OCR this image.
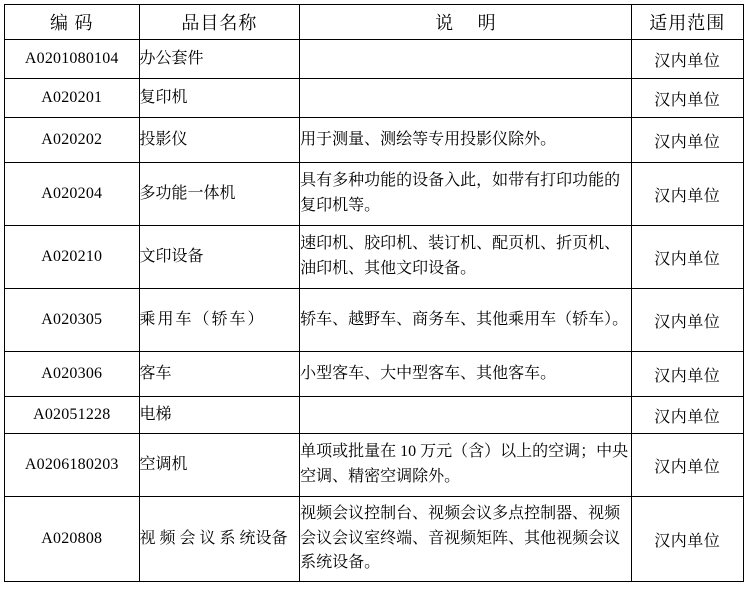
编 码	品目名称	说 明	适用范围
A0201080104	办公套件		汉内单位
A020201	复印机		汉内单位
A020202	投影仪	用于测量、测绘等专用投影仪除外。	汉内单位
A020204	多功能一体机	具有多种功能的设备入此，如带有打印功能的复印机等。	汉内单位
A020210	文印设备	速印机、胶印机、装订机、配页机、折页机、油印机、其他文印设备。	汉内单位
A020305	乘用车（轿车）	轿车、越野车、商务车、其他乘用车（轿车）。	汉内单位
A020306	客车	小型客车、大中型客车、其他客车。	汉内单位
A02051228	电梯		汉内单位
A0206180203	空调机	单项或批量在 10 万元（含）以上的空调；中央空调、精密空调除外。	汉内单位
A020808	视 频 会 议 系 统设备	视频会议控制台、视频会议多点控制器、视频会议会议室终端、音视频矩阵、其他视频会议系统设备。	汉内单位
